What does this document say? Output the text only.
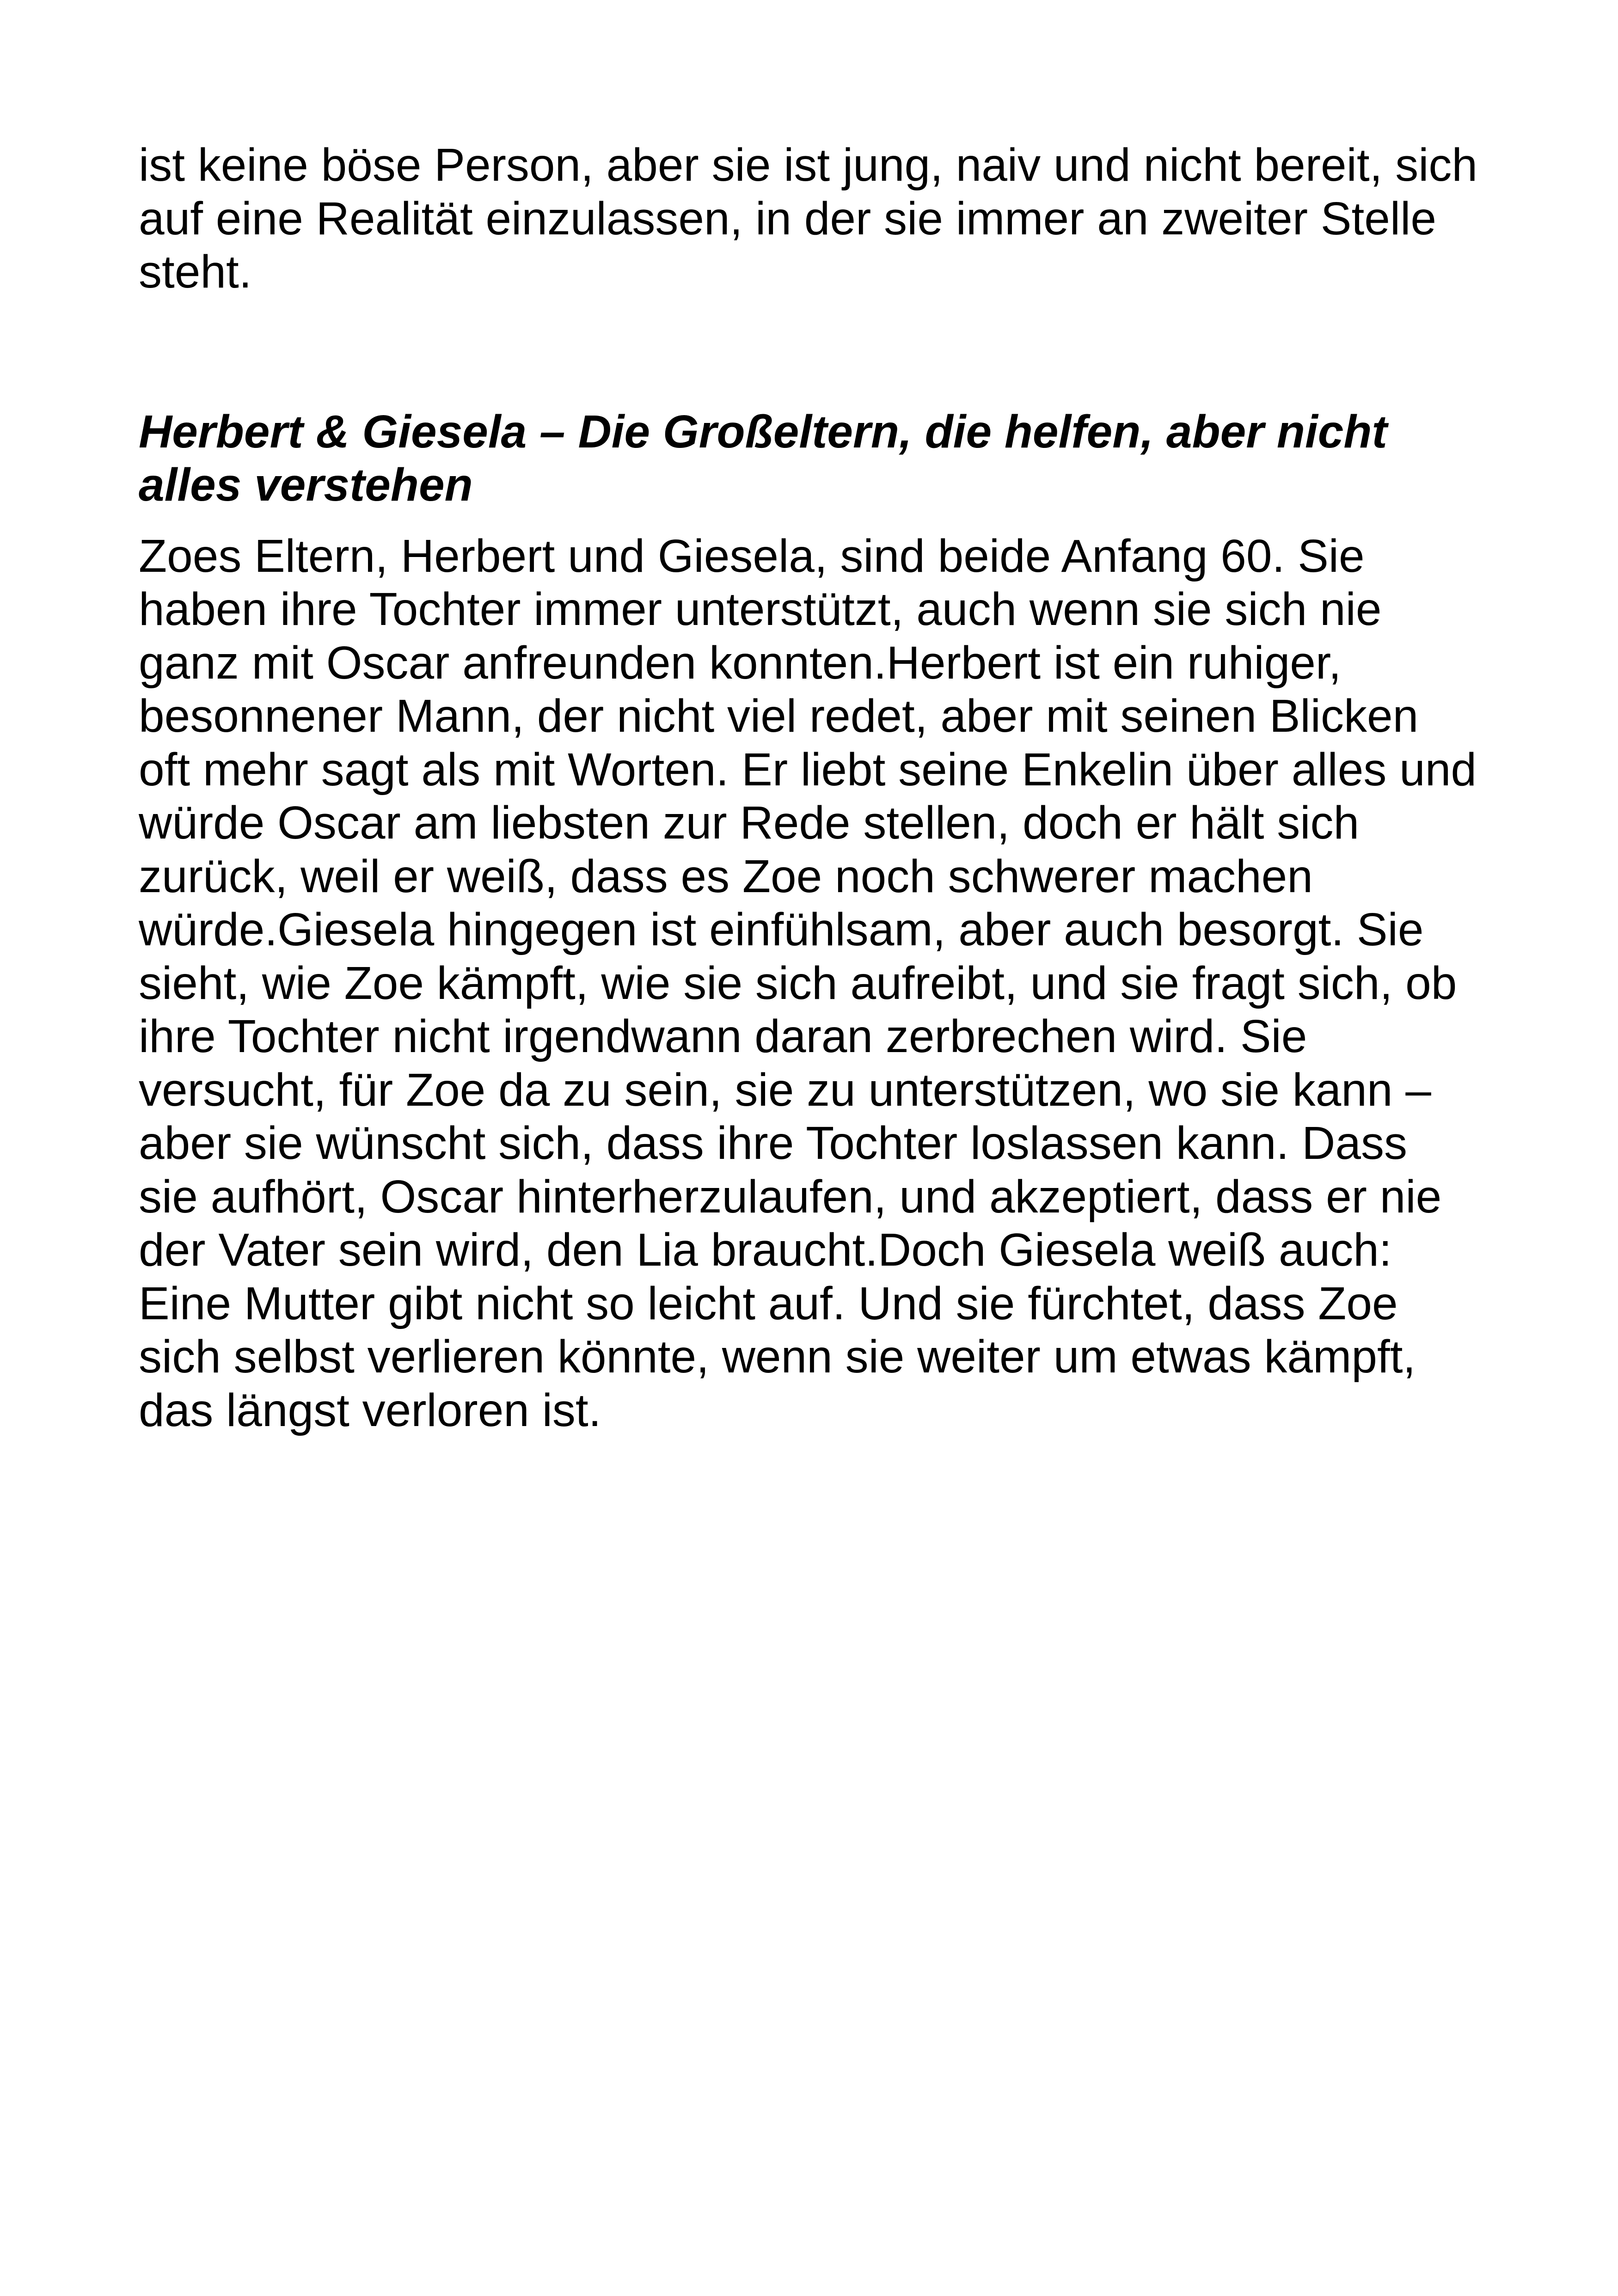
ist keine böse Person, aber sie ist jung, naiv und nicht bereit, sich
auf eine Realität einzulassen, in der sie immer an zweiter Stelle
steht.
Herbert & Giesela – Die Großeltern, die helfen, aber nicht
alles verstehen
Zoes Eltern, Herbert und Giesela, sind beide Anfang 60. Sie
haben ihre Tochter immer unterstützt, auch wenn sie sich nie
ganz mit Oscar anfreunden konnten.Herbert ist ein ruhiger,
besonnener Mann, der nicht viel redet, aber mit seinen Blicken
oft mehr sagt als mit Worten. Er liebt seine Enkelin über alles und
würde Oscar am liebsten zur Rede stellen, doch er hält sich
zurück, weil er weiß, dass es Zoe noch schwerer machen
würde.Giesela hingegen ist einfühlsam, aber auch besorgt. Sie
sieht, wie Zoe kämpft, wie sie sich aufreibt, und sie fragt sich, ob
ihre Tochter nicht irgendwann daran zerbrechen wird. Sie
versucht, für Zoe da zu sein, sie zu unterstützen, wo sie kann –
aber sie wünscht sich, dass ihre Tochter loslassen kann. Dass
sie aufhört, Oscar hinterherzulaufen, und akzeptiert, dass er nie
der Vater sein wird, den Lia braucht.Doch Giesela weiß auch:
Eine Mutter gibt nicht so leicht auf. Und sie fürchtet, dass Zoe
sich selbst verlieren könnte, wenn sie weiter um etwas kämpft,
das längst verloren ist.
